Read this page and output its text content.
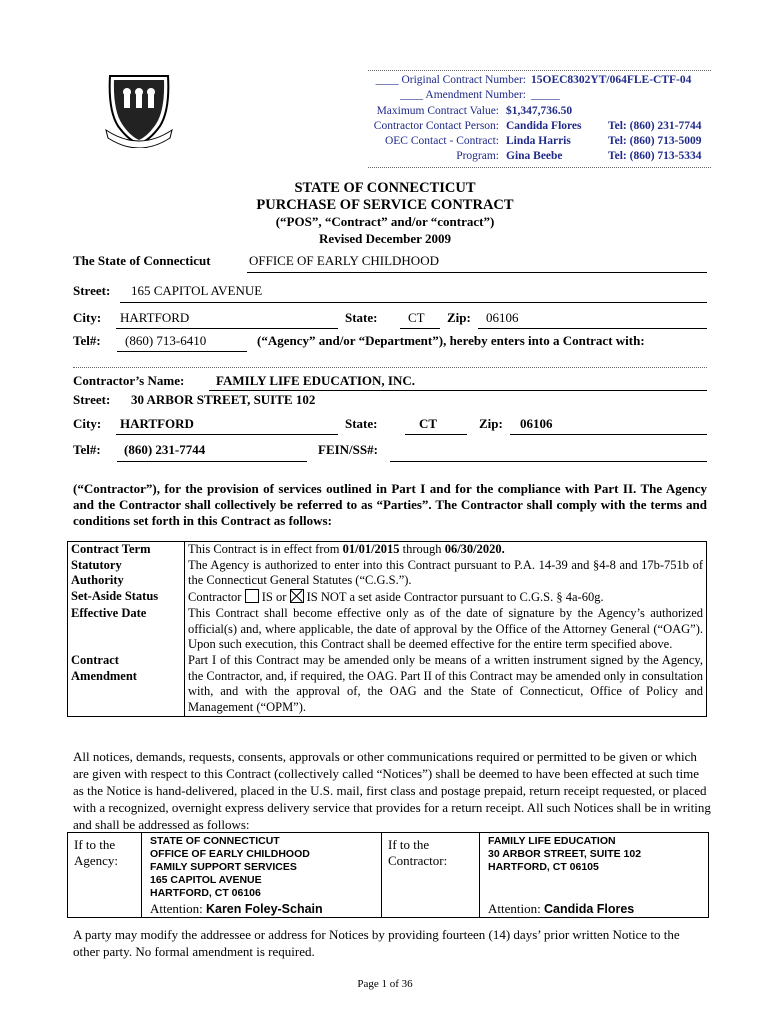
____ Original Contract Number: 15OEC8302YT/064FLE-CTF-04
____ Amendment Number: _____
Maximum Contract Value: $1,347,736.50
Contractor Contact Person: Candida Flores Tel: (860) 231-7744
OEC Contact - Contract: Linda Harris	Tel: (860) 713-5009
Program: Gina Beebe	Tel: (860) 713-5334
STATE OF CONNECTICUT
PURCHASE OF SERVICE CONTRACT
(“POS”, “Contract” and/or “contract”)
Revised December 2009
The State of Connecticut	OFFICE OF EARLY CHILDHOOD
Street: 165 CAPITOL AVENUE
City: HARTFORD	State: CT Zip: 06106
Tel#: (860) 713-6410	(“Agency” and/or “Department”), hereby enters into a Contract with:
Contractor’s Name: FAMILY LIFE EDUCATION, INC.
Street: 30 ARBOR STREET, SUITE 102
City: HARTFORD	State:	CT	Zip: 06106
Tel#: (860) 231-7744	FEIN/SS#:
(“Contractor”), for the provision of services outlined in Part I and for the compliance with Part II. The Agency and the Contractor shall collectively be referred to as “Parties”. The Contractor shall comply with the terms and conditions set forth in this Contract as follows:
Contract Term	This Contract is in effect from 01/01/2015 through 06/30/2020.

Statutory
Authority	The Agency is authorized to enter into this Contract pursuant to P.A. 14-39 and §4-8 and 17b-751b of the Connecticut General Statutes (“C.G.S.”).
Set-Aside Status	Contractor  IS or  IS NOT a set aside Contractor pursuant to C.G.S. § 4a-60g.
Effective Date	This Contract shall become effective only as of the date of signature by the Agency’s authorized official(s) and, where applicable, the date of approval by the Office of the Attorney General (“OAG”). Upon such execution, this Contract shall be deemed effective for the entire term specified above.

Contract
Amendment	Part I of this Contract may be amended only be means of a written instrument signed by the Agency, the Contractor, and, if required, the OAG. Part II of this Contract may be amended only in consultation with, and with the approval of, the OAG and the State of Connecticut, Office of Policy and Management (“OPM”).
All notices, demands, requests, consents, approvals or other communications required or permitted to be given or which are given with respect to this Contract (collectively called “Notices”) shall be deemed to have been effected at such time as the Notice is hand-delivered, placed in the U.S. mail, first class and postage prepaid, return receipt requested, or placed with a recognized, overnight express delivery service that provides for a return receipt. All such Notices shall be in writing and shall be addressed as follows:
If to the Agency:
STATE OF CONNECTICUT
OFFICE OF EARLY CHILDHOOD
FAMILY SUPPORT SERVICES
165 CAPITOL AVENUE
HARTFORD, CT 06106
Attention: Karen Foley-Schain
If to the Contractor:
FAMILY LIFE EDUCATION
30 ARBOR STREET, SUITE 102
HARTFORD, CT 06105
Attention: Candida Flores
A party may modify the addressee or address for Notices by providing fourteen (14) days’ prior written Notice to the other party. No formal amendment is required.
Page 1 of 36
